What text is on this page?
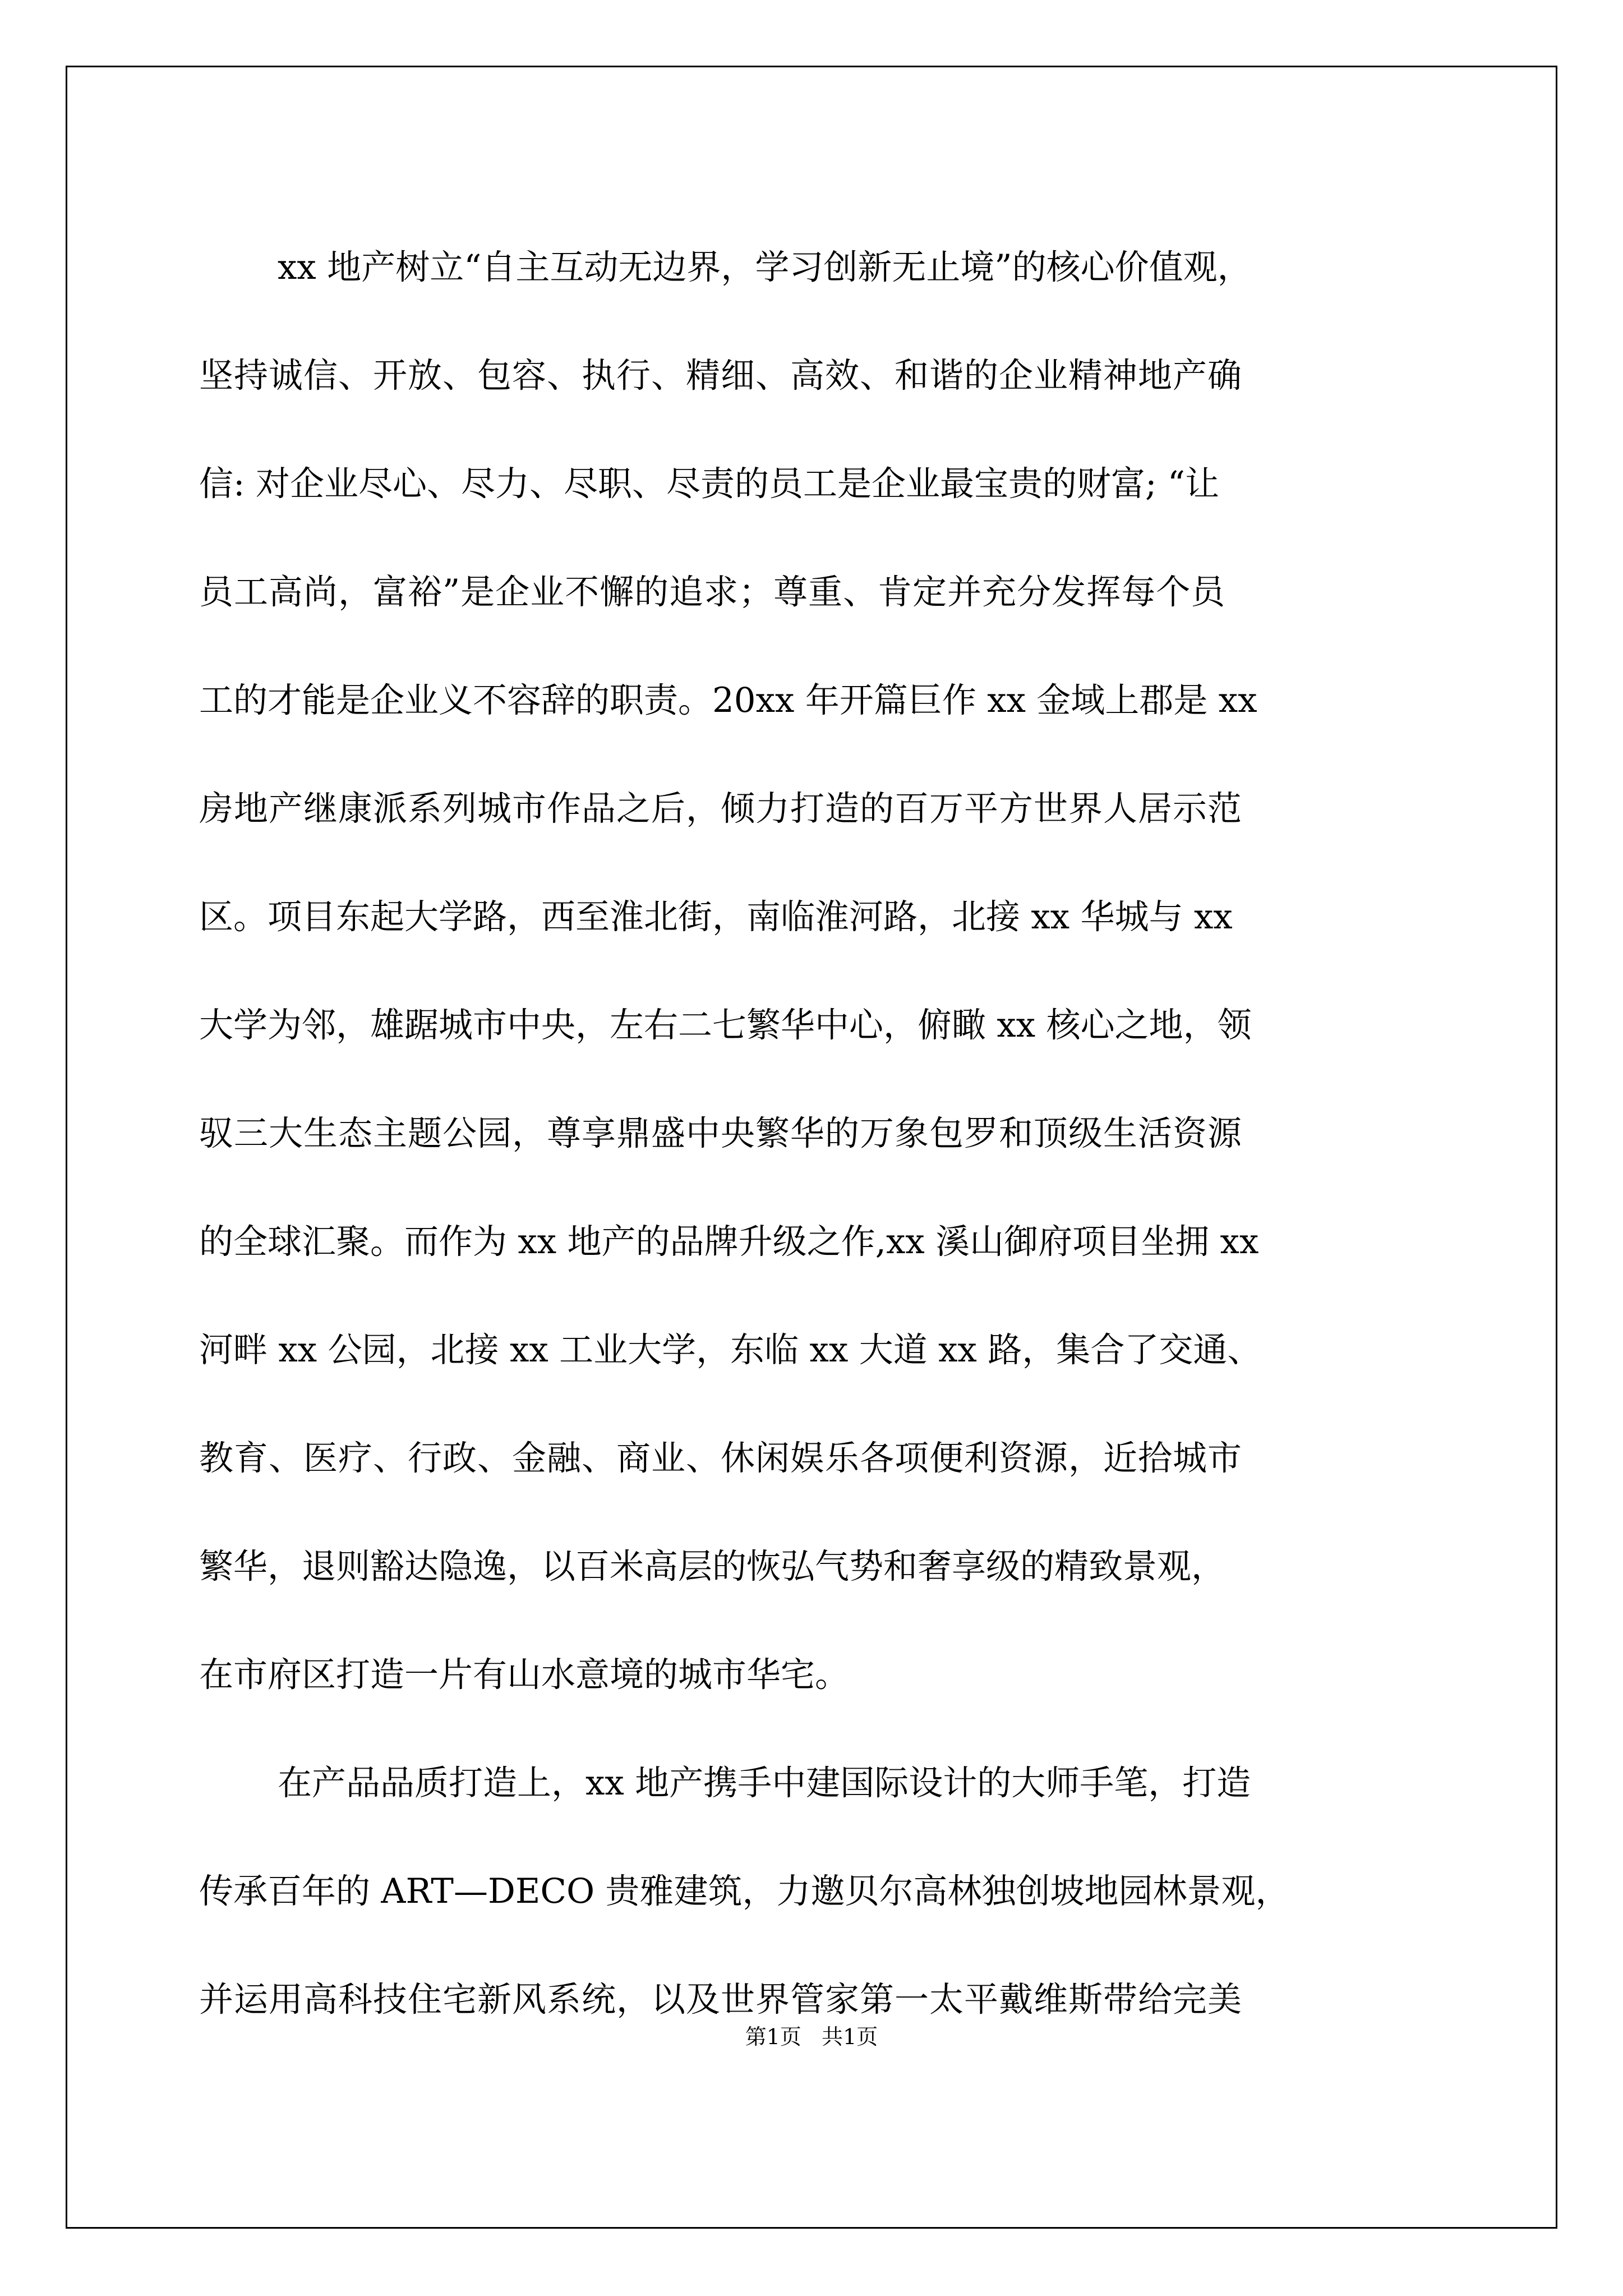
xx 地产树立“自主互动无边界，学习创新无止境”的核心价值观，
坚持诚信、开放、包容、执行、精细、高效、和谐的企业精神地产确
信: 对企业尽心、尽力、尽职、尽责的员工是企业最宝贵的财富; “让
员工高尚，富裕”是企业不懈的追求；尊重、肯定并充分发挥每个员
工的才能是企业义不容辞的职责。20xx 年开篇巨作 xx 金域上郡是 xx
房地产继康派系列城市作品之后，倾力打造的百万平方世界人居示范
区。项目东起大学路，西至淮北街，南临淮河路，北接 xx 华城与 xx
大学为邻，雄踞城市中央，左右二七繁华中心，俯瞰 xx 核心之地，领
驭三大生态主题公园，尊享鼎盛中央繁华的万象包罗和顶级生活资源
的全球汇聚。而作为 xx 地产的品牌升级之作,xx 溪山御府项目坐拥 xx
河畔 xx 公园，北接 xx 工业大学，东临 xx 大道 xx 路，集合了交通、
教育、医疗、行政、金融、商业、休闲娱乐各项便利资源，近拾城市
繁华，退则豁达隐逸，以百米高层的恢弘气势和奢享级的精致景观，
在市府区打造一片有山水意境的城市华宅。
在产品品质打造上，xx 地产携手中建国际设计的大师手笔，打造
传承百年的 ART—DECO 贵雅建筑，力邀贝尔高林独创坡地园林景观，
并运用高科技住宅新风系统，以及世界管家第一太平戴维斯带给完美
第1页   共1页
